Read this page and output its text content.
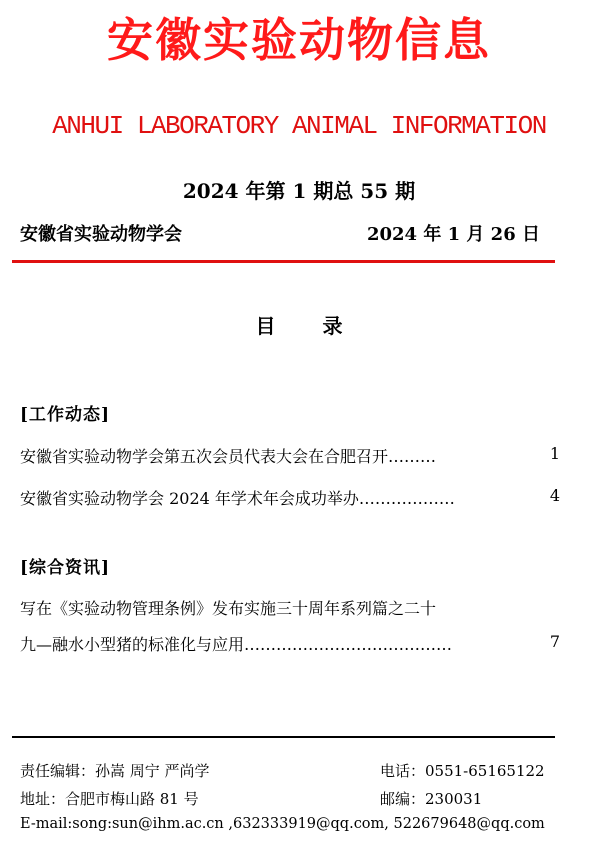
安徽实验动物信息
ANHUI LABORATORY ANIMAL INFORMATION
2024 年第 1 期总 55 期
安徽省实验动物学会	2024 年 1 月 26 日
目 录
[工作动态]
安徽省实验动物学会第五次会员代表大会在合肥召开………	1
安徽省实验动物学会 2024 年学术年会成功举办………………	4
[综合资讯]
写在《实验动物管理条例》发布实施三十周年系列篇之二十
九—融水小型猪的标准化与应用…………………………………	7
责任编辑：孙嵩 周宁 严尚学	电话：0551-65165122
地址：合肥市梅山路 81 号	邮编：230031
E-mail:song:sun@ihm.ac.cn ,632333919@qq.com, 522679648@qq.com
